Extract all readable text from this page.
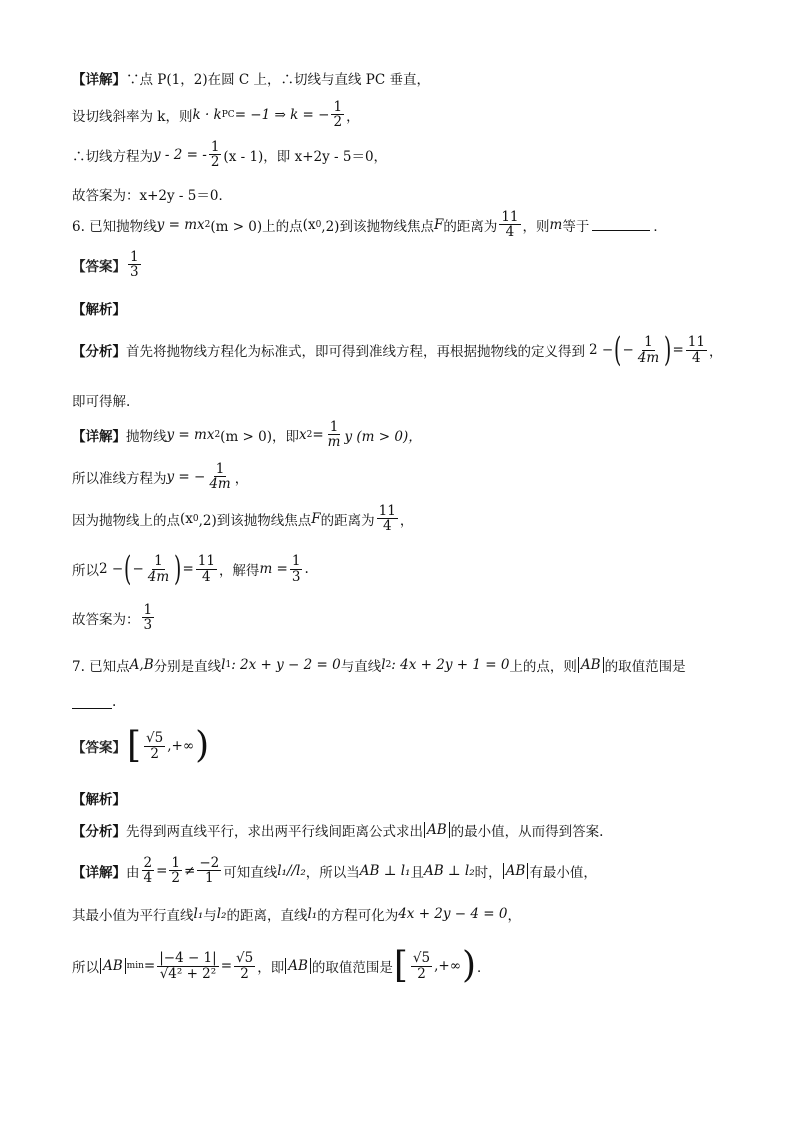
【详解】 ∵点 P(1，2)在圆 C 上，∴切线与直线 PC 垂直，
设切线斜率为 k，则 k · k PC = −1 ⇒ k = − $\frac{1}{2}$ ，
∴切线方程为 y - 2 = - $\frac{1}{2} (x - 1)$，即 x+2y - 5＝0，
故答案为：x+2y - 5＝0．
6. 已知抛物线 y = mx 2 (m > 0)上的点 (x 0 ,2)到该抛物线焦点 F 的距离为 $\frac{11}{4}$ ，则 m 等于	．
【答案】 $\frac{1}{3}$
【解析】
【分析】 首先将抛物线方程化为标准式，即可得到准线方程，再根据抛物线的定义得到 2 − ( − $\frac{1}{4m}$ ) = $\frac{11}{4}$ ，
即可得解.
【详解】 抛物线 y = mx 2 (m > 0)，即 x $2 = \frac{1}{m}$ y (m > 0)，
所以准线方程为 y = − $\frac{1}{4m}$ ，
因为抛物线上的点 (x 0 ,2)到该抛物线焦点 F 的距离为 $\frac{11}{4}$ ，
所以 2 − ( − $\frac{1}{4m}$ ) = $\frac{11}{4}$ ，解得 $m = \frac{1}{3}$ .
故答案为： $\frac{1}{3}$
7. 已知点 A,B 分别是直线 l 1 : 2x + y − 2 = 0 与直线 l 2 : 4x + 2y + 1 = 0 上的点，则 AB 的取值范围是
.
【答案】 [ $\frac{√5}{2}$ ,+∞ )
【解析】
【分析】 先得到两直线平行，求出两平行线间距离公式求出 AB 的最小值，从而得到答案.
【详解】 由 $\frac{2}{4} = \frac{1}{2} \ne \frac{-2}{1}$ 可知直线 l₁//l₂ ，所以当 AB ⊥ l₁ 且 AB ⊥ l₂ 时， AB 有最小值，
其最小值为平行直线 l₁ 与 l₂ 的距离，直线 l₁ 的方程可化为 4x + 2y − 4 = 0 ，
所以 AB $\min = \frac{|-4 - 1|}{\text{√4² + 2²}} = \frac{√5}{2}$ ，即 AB 的取值范围是 [ $\frac{√5}{2}$ ,+∞ ) ．
